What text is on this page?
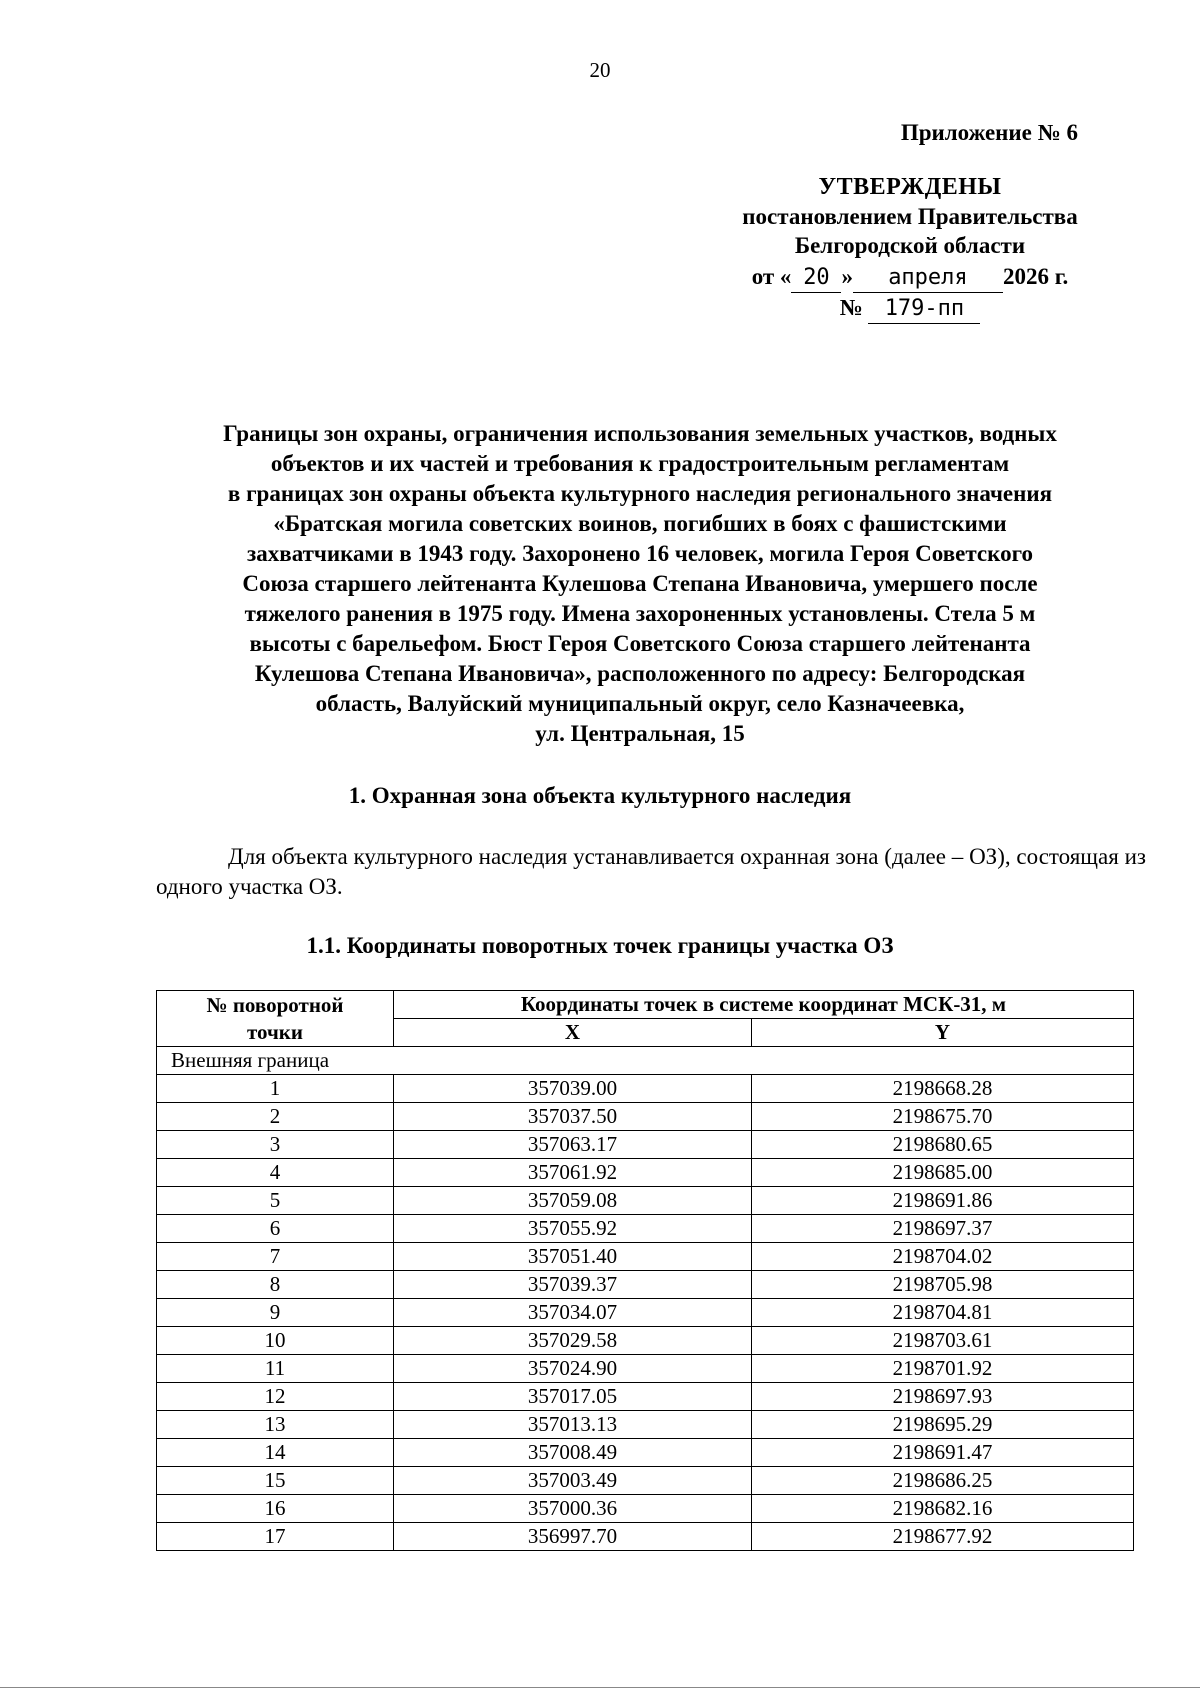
20
Приложение № 6
УТВЕРЖДЕНЫ
постановлением Правительства
Белгородской области
от « 20 » апреля 2026 г.
№ 179-пп
Границы зон охраны, ограничения использования земельных участков, водных
объектов и их частей и требования к градостроительным регламентам
в границах зон охраны объекта культурного наследия регионального значения
«Братская могила советских воинов, погибших в боях с фашистскими
захватчиками в 1943 году. Захоронено 16 человек, могила Героя Советского
Союза старшего лейтенанта Кулешова Степана Ивановича, умершего после
тяжелого ранения в 1975 году. Имена захороненных установлены. Стела 5 м
высоты с барельефом. Бюст Героя Советского Союза старшего лейтенанта
Кулешова Степана Ивановича», расположенного по адресу: Белгородская
область, Валуйский муниципальный округ, село Казначеевка,
ул. Центральная, 15
1. Охранная зона объекта культурного наследия
Для объекта культурного наследия устанавливается охранная зона (далее – ОЗ), состоящая из одного участка ОЗ.
1.1. Координаты поворотных точек границы участка ОЗ
№ поворотной
точки	Координаты точек в системе координат МСК-31, м	
	X	Y
Внешняя граница		
1	357039.00	2198668.28
2	357037.50	2198675.70
3	357063.17	2198680.65
4	357061.92	2198685.00
5	357059.08	2198691.86
6	357055.92	2198697.37
7	357051.40	2198704.02
8	357039.37	2198705.98
9	357034.07	2198704.81
10	357029.58	2198703.61
11	357024.90	2198701.92
12	357017.05	2198697.93
13	357013.13	2198695.29
14	357008.49	2198691.47
15	357003.49	2198686.25
16	357000.36	2198682.16
17	356997.70	2198677.92
